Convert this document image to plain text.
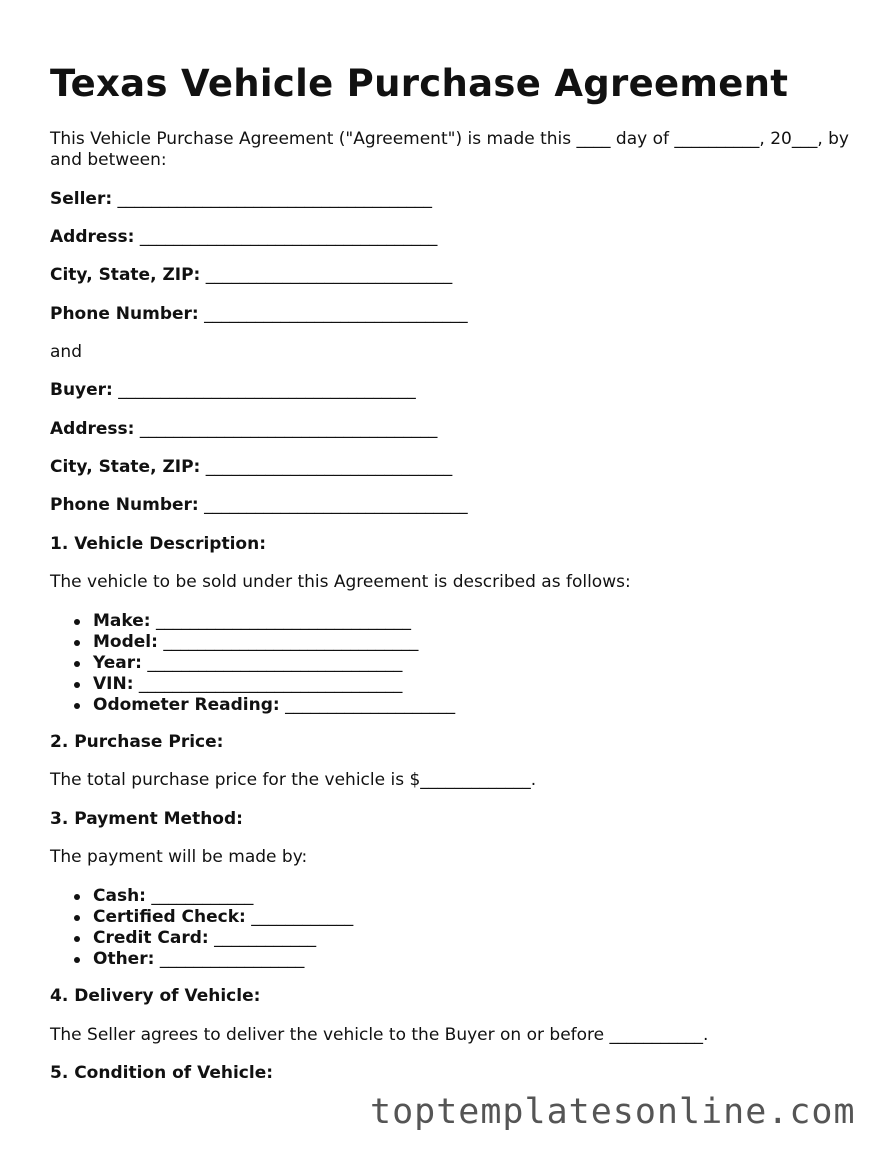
Texas Vehicle Purchase Agreement
This Vehicle Purchase Agreement ("Agreement") is made this ____ day of __________, 20___, by and between:
Seller: _____________________________________
Address: ___________________________________
City, State, ZIP: _____________________________
Phone Number: _______________________________
and
Buyer: ___________________________________
Address: ___________________________________
City, State, ZIP: _____________________________
Phone Number: _______________________________
1. Vehicle Description:
The vehicle to be sold under this Agreement is described as follows:
Make: ______________________________
Model: ______________________________
Year: ______________________________
VIN: _______________________________
Odometer Reading: ____________________
2. Purchase Price:
The total purchase price for the vehicle is $_____________.
3. Payment Method:
The payment will be made by:
Cash: ____________
Certified Check: ____________
Credit Card: ____________
Other: _________________
4. Delivery of Vehicle:
The Seller agrees to deliver the vehicle to the Buyer on or before ___________.
5. Condition of Vehicle:
toptemplatesonline.com
